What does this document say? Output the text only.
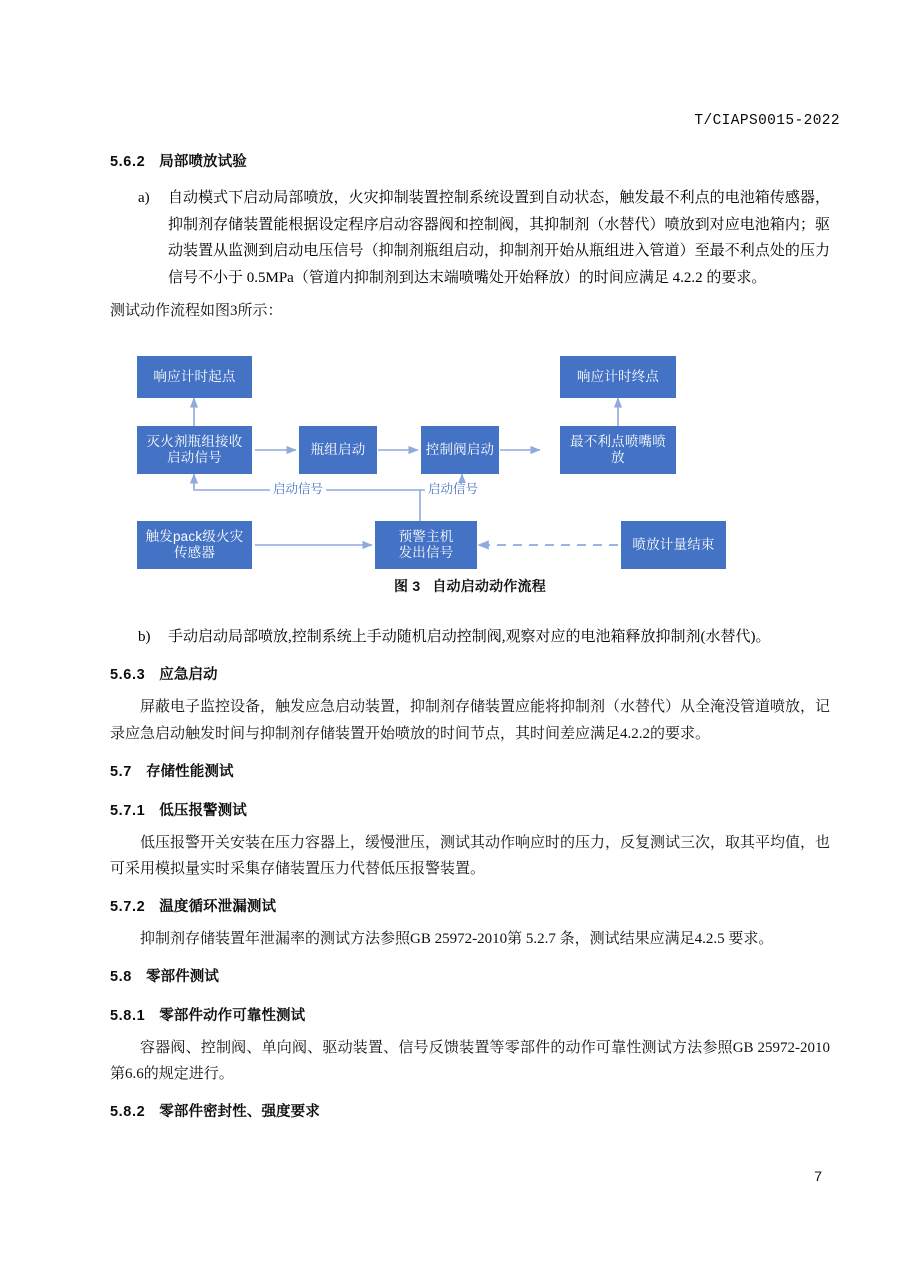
T/CIAPS0015-2022
5.6.2 局部喷放试验
a)	自动模式下启动局部喷放，火灾抑制装置控制系统设置到自动状态，触发最不利点的电池箱传感器，抑制剂存储装置能根据设定程序启动容器阀和控制阀，其抑制剂（水替代）喷放到对应电池箱内；驱动装置从监测到启动电压信号（抑制剂瓶组启动，抑制剂开始从瓶组进入管道）至最不利点处的压力信号不小于 0.5MPa（管道内抑制剂到达末端喷嘴处开始释放）的时间应满足 4.2.2 的要求。

测试动作流程如图3所示：

响应计时起点	响应计时终点
灭火剂瓶组接收
启动信号
瓶组启动	控制阀启动
最不利点喷嘴喷
放
触发pack级火灾
传感器
预警主机
发出信号
喷放计量结束
启动信号	启动信号
图 3 自动启动动作流程
b)	手动启动局部喷放,控制系统上手动随机启动控制阀,观察对应的电池箱释放抑制剂(水替代)。
5.6.3 应急启动

屏蔽电子监控设备，触发应急启动装置，抑制剂存储装置应能将抑制剂（水替代）从全淹没管道喷放，记录应急启动触发时间与抑制剂存储装置开始喷放的时间节点，其时间差应满足4.2.2的要求。

5.7 存储性能测试
5.7.1 低压报警测试

低压报警开关安装在压力容器上，缓慢泄压，测试其动作响应时的压力，反复测试三次，取其平均值，也可采用模拟量实时采集存储装置压力代替低压报警装置。

5.7.2 温度循环泄漏测试

抑制剂存储装置年泄漏率的测试方法参照GB 25972-2010第 5.2.7 条，测试结果应满足4.2.5 要求。

5.8 零部件测试
5.8.1 零部件动作可靠性测试

容器阀、控制阀、单向阀、驱动装置、信号反馈装置等零部件的动作可靠性测试方法参照GB 25972-2010第6.6的规定进行。

5.8.2 零部件密封性、强度要求
7
